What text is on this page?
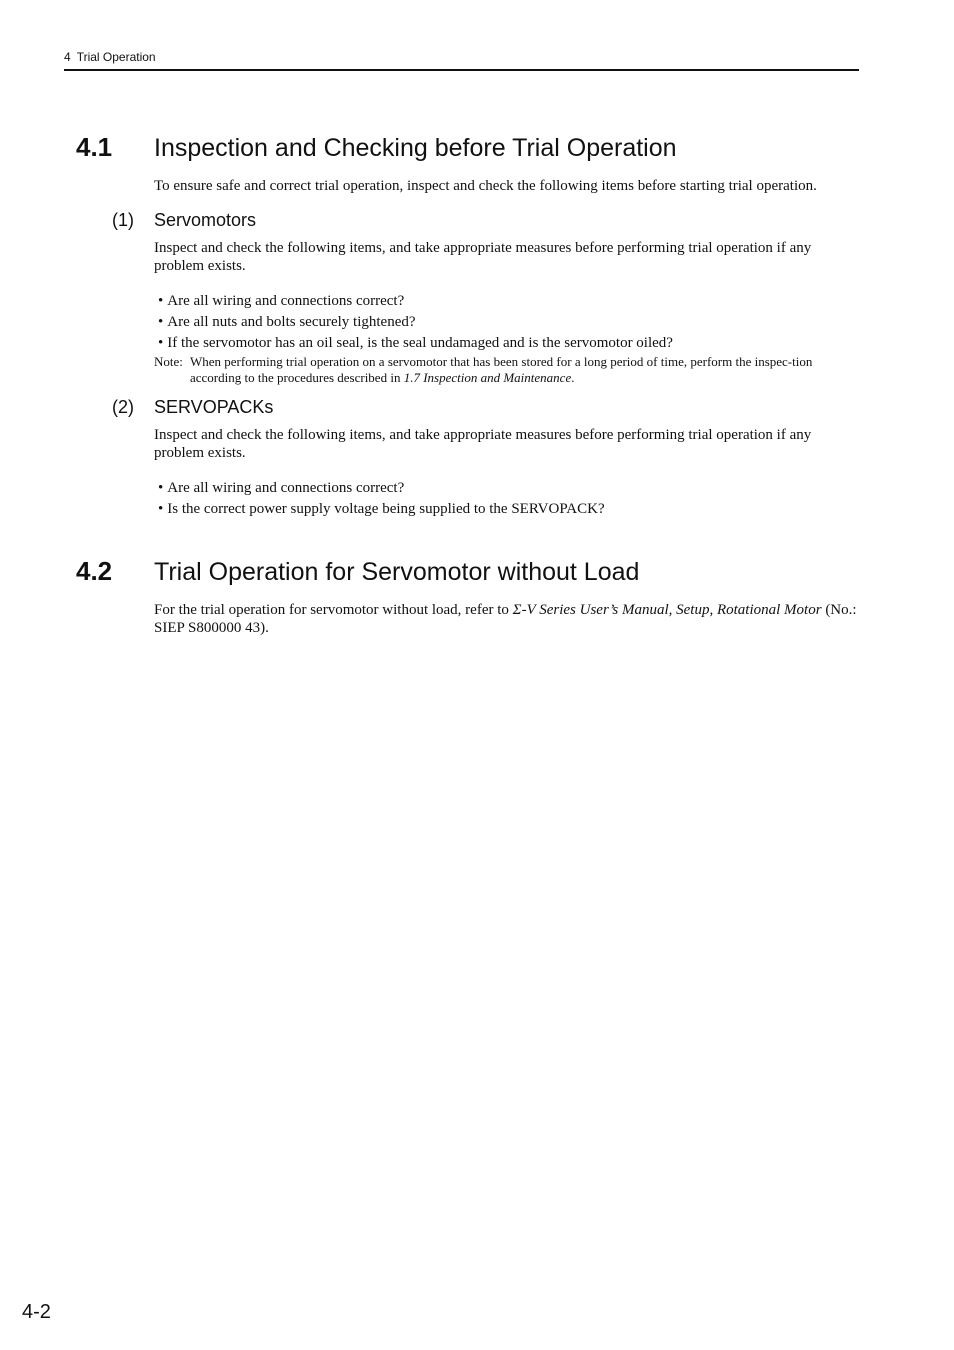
4 Trial Operation
4.1	Inspection and Checking before Trial Operation

To ensure safe and correct trial operation, inspect and check the following items before starting trial operation.

(1)	Servomotors

Inspect and check the following items, and take appropriate measures before performing trial operation if any problem exists.

• Are all wiring and connections correct?
• Are all nuts and bolts securely tightened?
• If the servomotor has an oil seal, is the seal undamaged and is the servomotor oiled?
Note: When performing trial operation on a servomotor that has been stored for a long period of time, perform the inspec-tion according to the procedures described in 1.7 Inspection and Maintenance.
(2)	SERVOPACKs

Inspect and check the following items, and take appropriate measures before performing trial operation if any problem exists.

• Are all wiring and connections correct?
• Is the correct power supply voltage being supplied to the SERVOPACK?
4.2	Trial Operation for Servomotor without Load

For the trial operation for servomotor without load, refer to Σ-V Series User’s Manual, Setup, Rotational Motor (No.: SIEP S800000 43).

4-2
